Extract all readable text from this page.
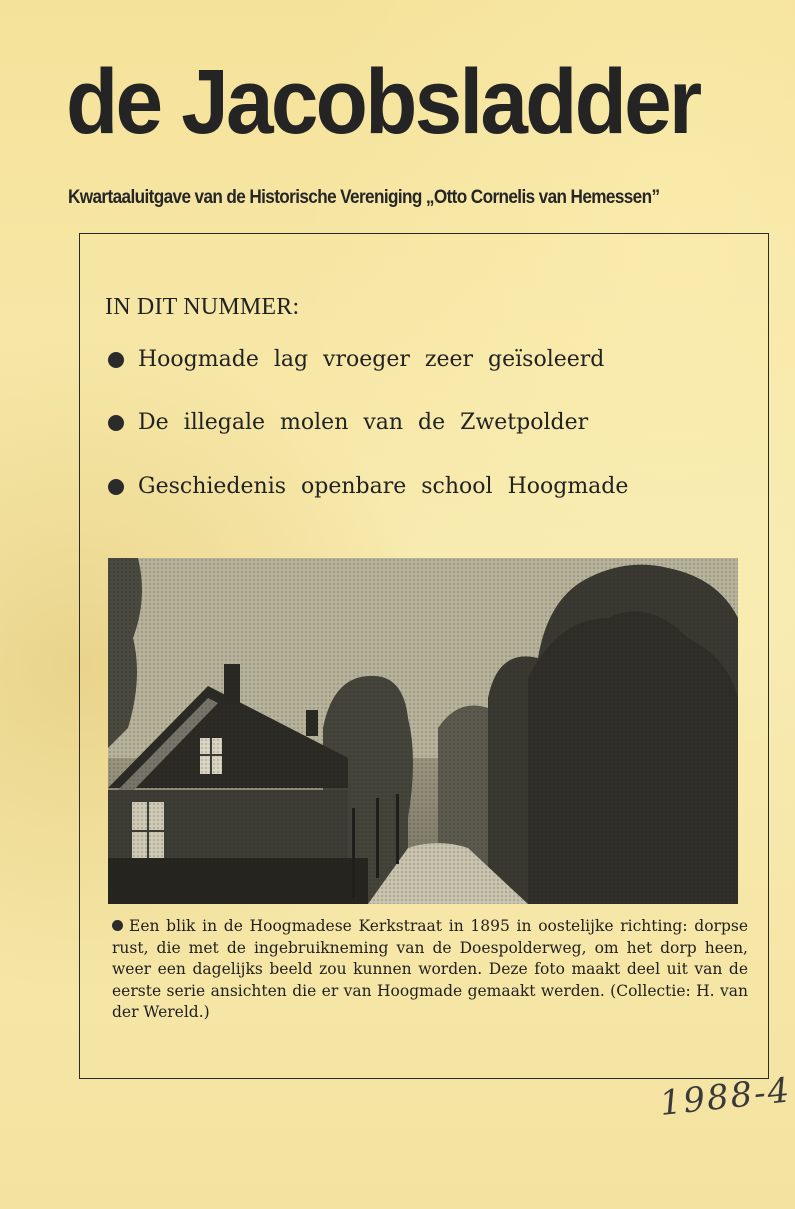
de Jacobsladder

Kwartaaluitgave van de Historische Vereniging „Otto Cornelis van Hemessen”

IN DIT NUMMER:
Hoogmade lag vroeger zeer geïsoleerd
De illegale molen van de Zwetpolder
Geschiedenis openbare school Hoogmade

Een blik in de Hoogmadese Kerkstraat in 1895 in oostelijke richting: dorpse rust, die met de ingebruikneming van de Doespolderweg, om het dorp heen, weer een dagelijks beeld zou kunnen worden. Deze foto maakt deel uit van de eerste serie ansichten die er van Hoogmade gemaakt werden. (Collectie: H. van der Wereld.)

1988-4
